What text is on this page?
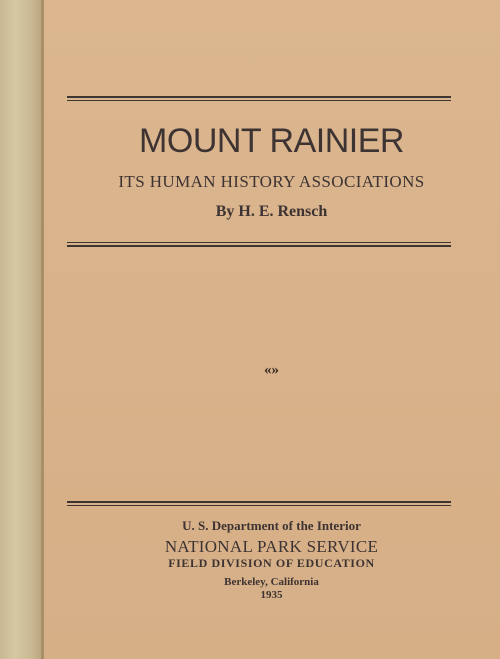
MOUNT RAINIER
ITS HUMAN HISTORY ASSOCIATIONS
By H. E. Rensch
«»
U. S. Department of the Interior
NATIONAL PARK SERVICE
FIELD DIVISION OF EDUCATION
Berkeley, California
1935
